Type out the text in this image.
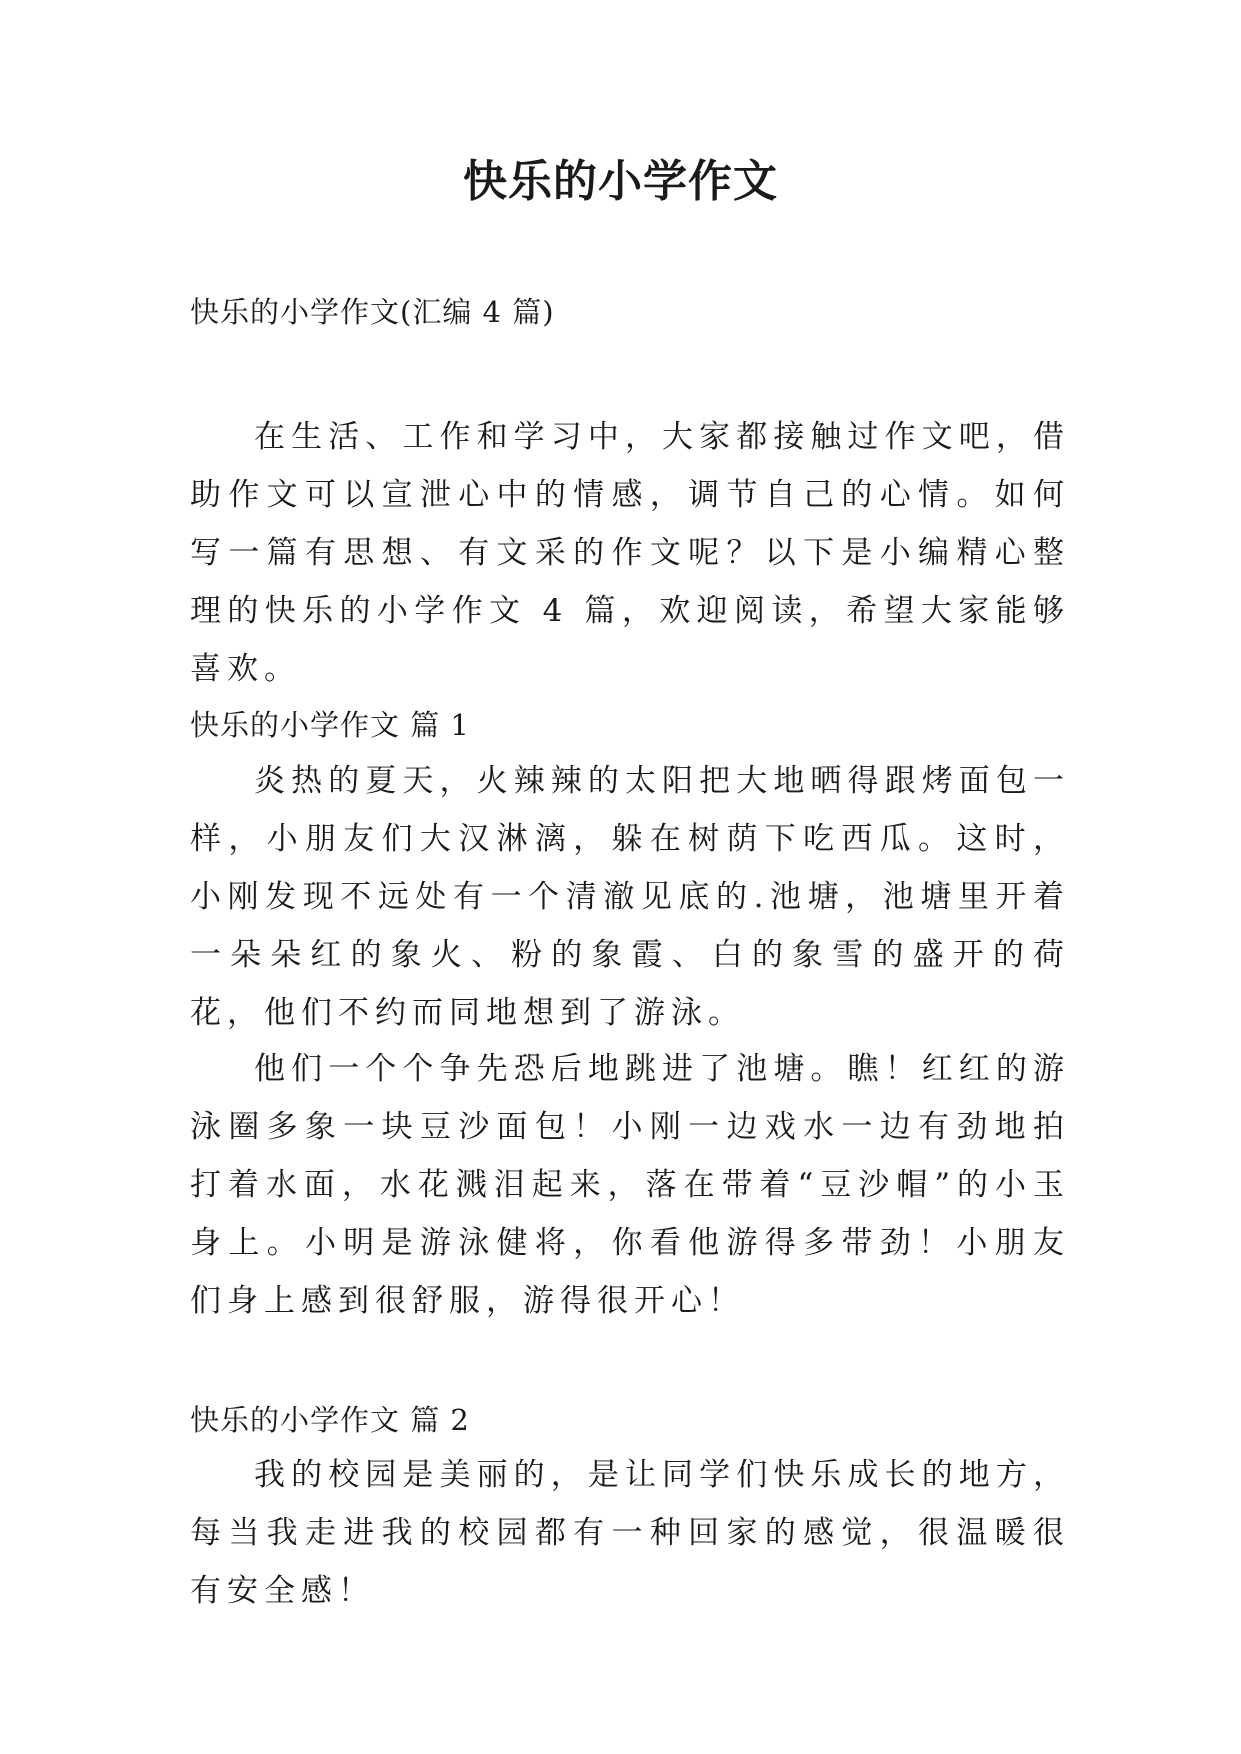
快乐的小学作文

快乐的小学作文(汇编 4 篇)

在生活、工作和学习中，大家都接触过作文吧，借助作文可以宣泄心中的情感，调节自己的心情。如何写一篇有思想、有文采的作文呢？以下是小编精心整理的快乐的小学作文 4 篇，欢迎阅读，希望大家能够喜欢。

快乐的小学作文 篇 1

炎热的夏天，火辣辣的太阳把大地晒得跟烤面包一样，小朋友们大汉淋漓，躲在树荫下吃西瓜。这时，小刚发现不远处有一个清澈见底的.池塘，池塘里开着一朵朵红的象火、粉的象霞、白的象雪的盛开的荷花，他们不约而同地想到了游泳。

他们一个个争先恐后地跳进了池塘。瞧！红红的游泳圈多象一块豆沙面包！小刚一边戏水一边有劲地拍打着水面，水花溅泪起来，落在带着“豆沙帽”的小玉身上。小明是游泳健将，你看他游得多带劲！小朋友们身上感到很舒服，游得很开心！

快乐的小学作文 篇 2

我的校园是美丽的，是让同学们快乐成长的地方，每当我走进我的校园都有一种回家的感觉，很温暖很有安全感！
